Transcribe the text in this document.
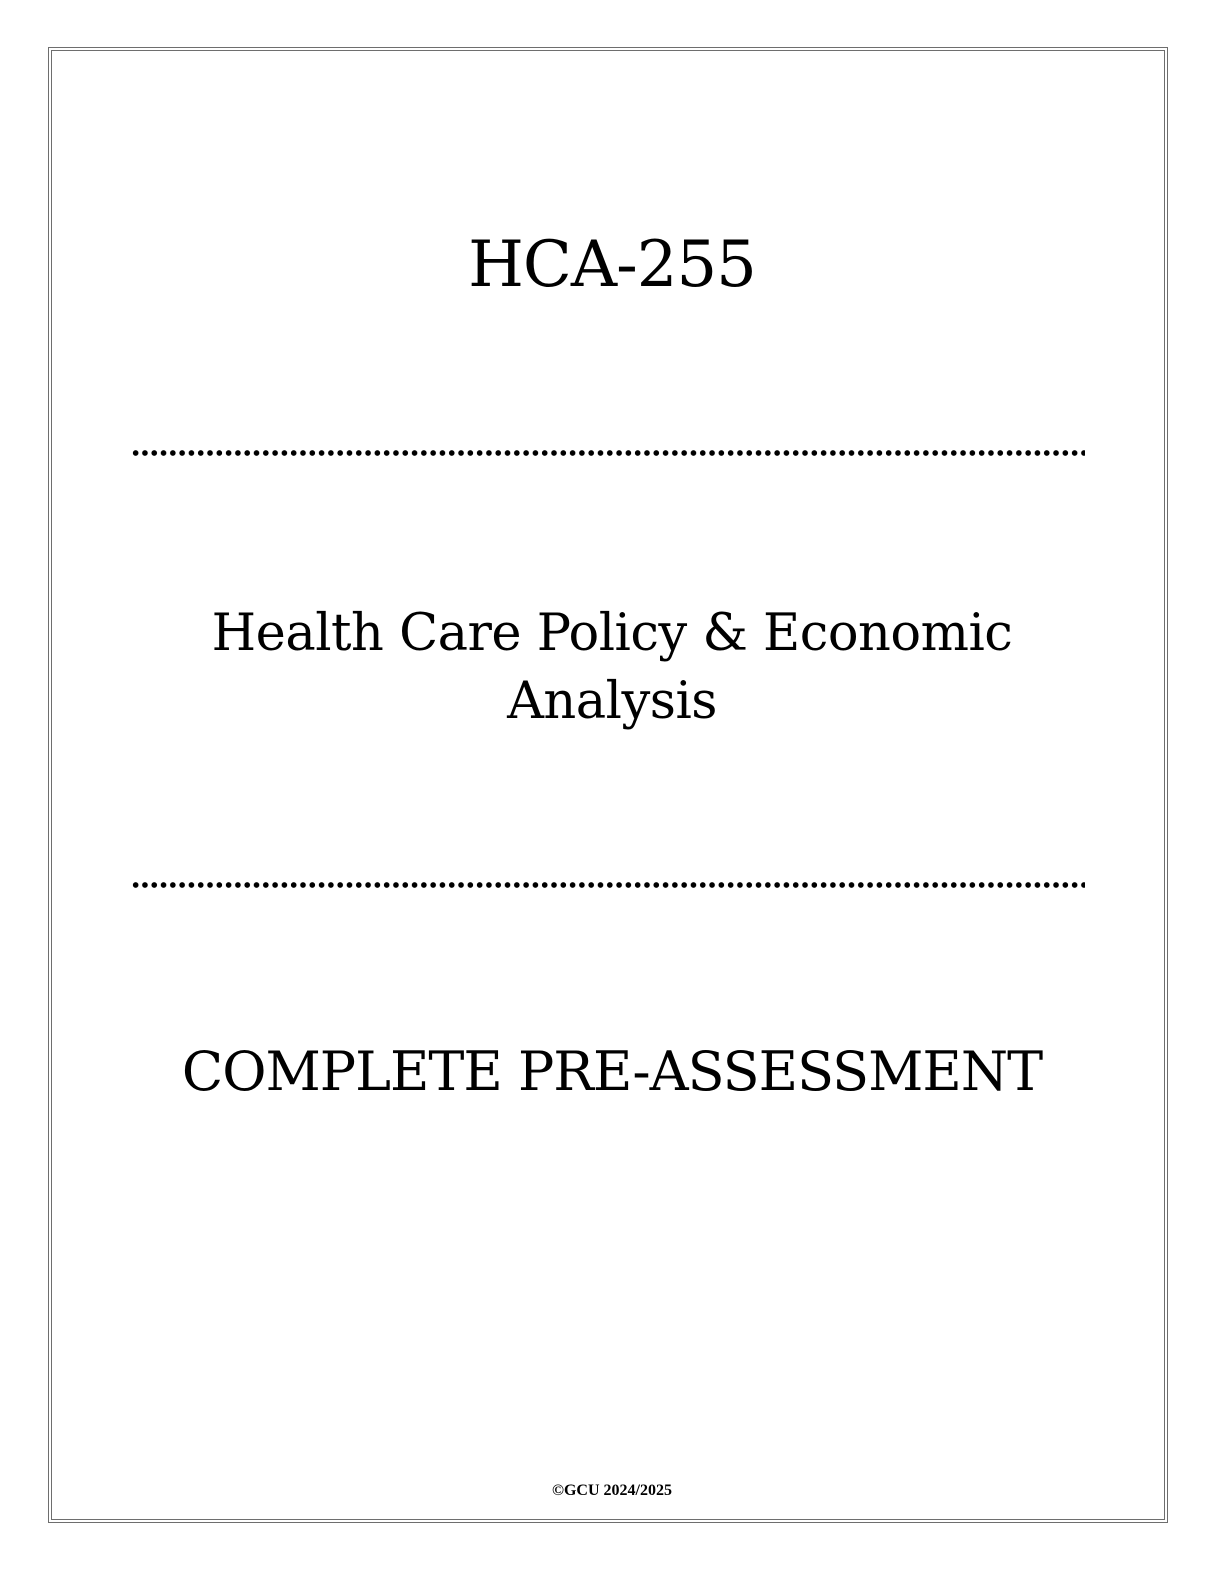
HCA-255
Health Care Policy & Economic Analysis
COMPLETE PRE-ASSESSMENT
©GCU 2024/2025
